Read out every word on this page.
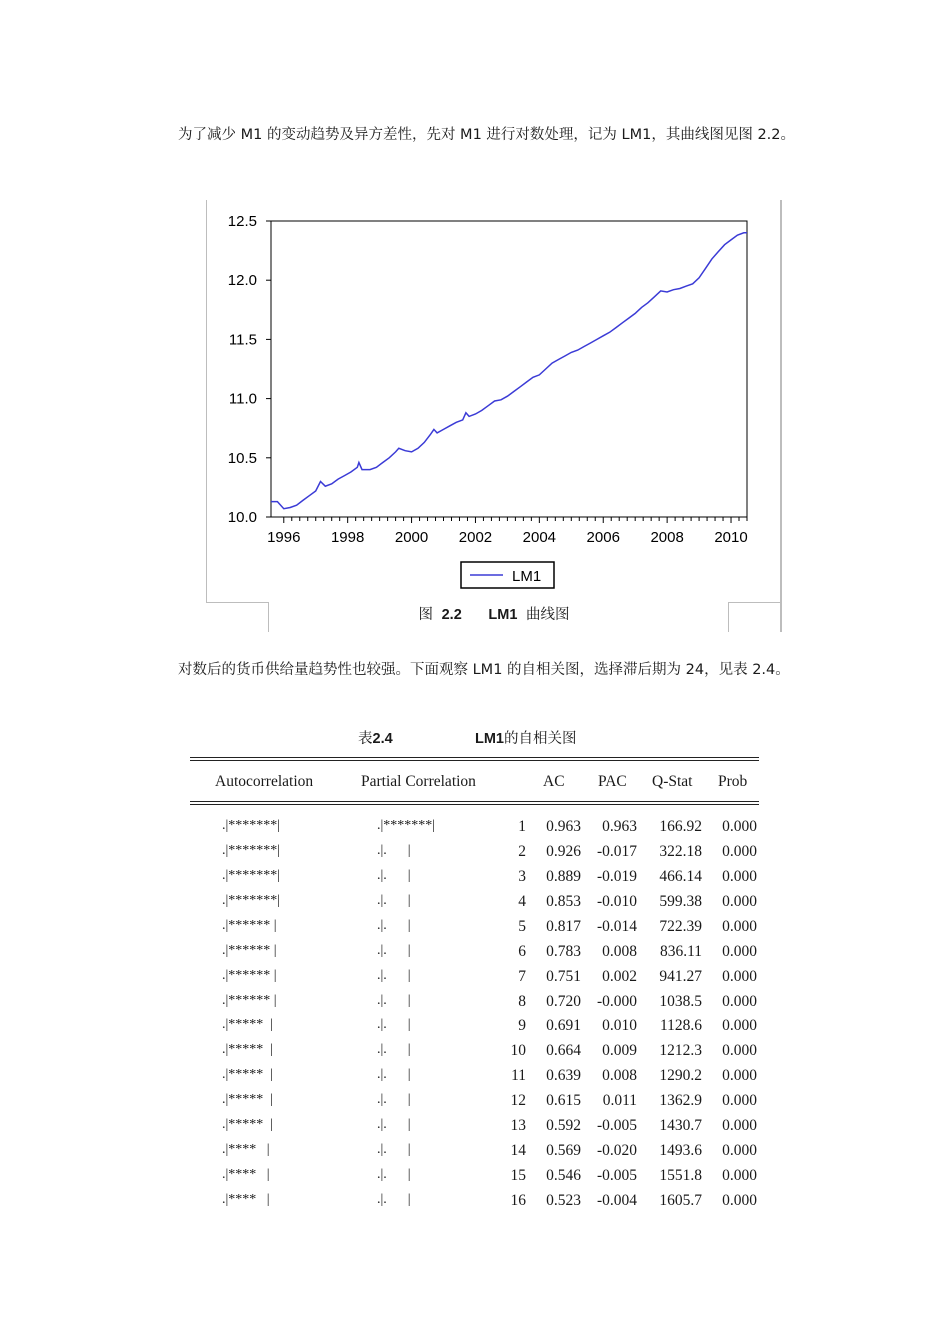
为了减少 M1 的变动趋势及异方差性，先对 M1 进行对数处理，记为 LM1，其曲线图见图 2.2。

10.0
10.5
11.0
11.5
12.0
12.5
1996 1998 2000 2002 2004 2006 2008 2010
LM1
图 2.2 LM1 曲线图

对数后的货币供给量趋势性也较强。下面观察 LM1 的自相关图，选择滞后期为 24，见表 2.4。

表2.4	LM1的自相关图
Autocorrelation	Partial Correlation	AC PAC Q-Stat Prob
.|*******|	.|*******|	1 0.963 0.963 166.92 0.000
.|*******|	.|.      |	2 0.926 -0.017 322.18 0.000
.|*******|	.|.      |	3 0.889 -0.019 466.14 0.000
.|*******|	.|.      |	4 0.853 -0.010 599.38 0.000
.|****** |	.|.      |	5 0.817 -0.014 722.39 0.000
.|****** |	.|.      |	6 0.783 0.008 836.11 0.000
.|****** |	.|.      |	7 0.751 0.002 941.27 0.000
.|****** |	.|.      |	8 0.720 -0.000 1038.5 0.000
.|*****  |	.|.      |	9 0.691 0.010 1128.6 0.000
.|*****  |	.|.      |	10 0.664 0.009 1212.3 0.000
.|*****  |	.|.      |	11 0.639 0.008 1290.2 0.000
.|*****  |	.|.      |	12 0.615 0.011 1362.9 0.000
.|*****  |	.|.      |	13 0.592 -0.005 1430.7 0.000
.|****   |	.|.      |	14 0.569 -0.020 1493.6 0.000
.|****   |	.|.      |	15 0.546 -0.005 1551.8 0.000
.|****   |	.|.      |	16 0.523 -0.004 1605.7 0.000
